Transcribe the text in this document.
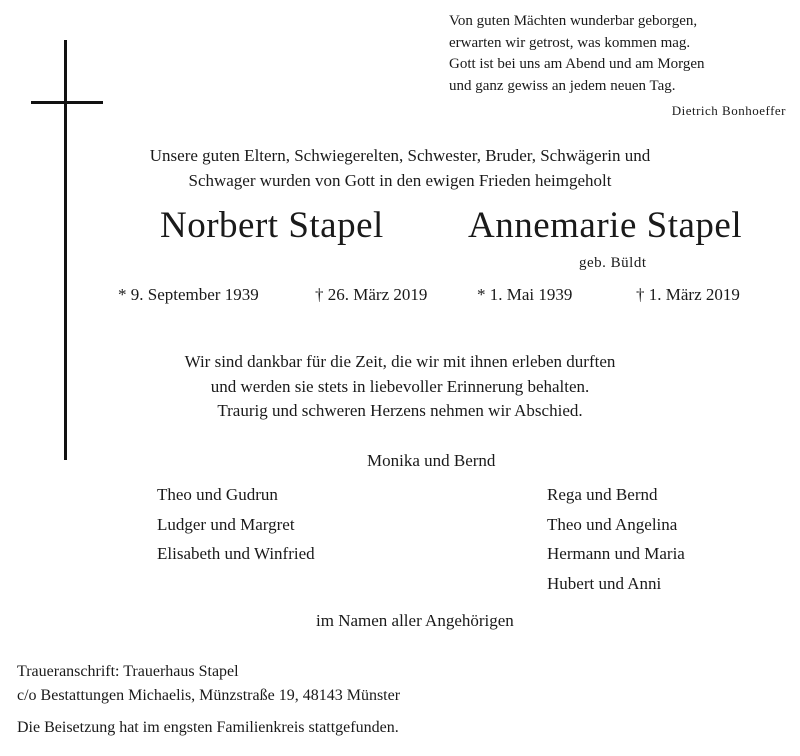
Von guten Mächten wunderbar geborgen,
erwarten wir getrost, was kommen mag.
Gott ist bei uns am Abend und am Morgen
und ganz gewiss an jedem neuen Tag.
Dietrich Bonhoeffer
Unsere guten Eltern, Schwiegerelten, Schwester, Bruder, Schwägerin und
Schwager wurden von Gott in den ewigen Frieden heimgeholt
Norbert Stapel Annemarie Stapel
geb. Büldt
* 9. September 1939	† 26. März 2019	* 1. Mai 1939	† 1. März 2019
Wir sind dankbar für die Zeit, die wir mit ihnen erleben durften
und werden sie stets in liebevoller Erinnerung behalten.
Traurig und schweren Herzens nehmen wir Abschied.
Monika und Bernd
Theo und Gudrun
Ludger und Margret
Elisabeth und Winfried
Rega und Bernd
Theo und Angelina
Hermann und Maria
Hubert und Anni
im Namen aller Angehörigen
Traueranschrift: Trauerhaus Stapel
c/o Bestattungen Michaelis, Münzstraße 19, 48143 Münster
Die Beisetzung hat im engsten Familienkreis stattgefunden.
